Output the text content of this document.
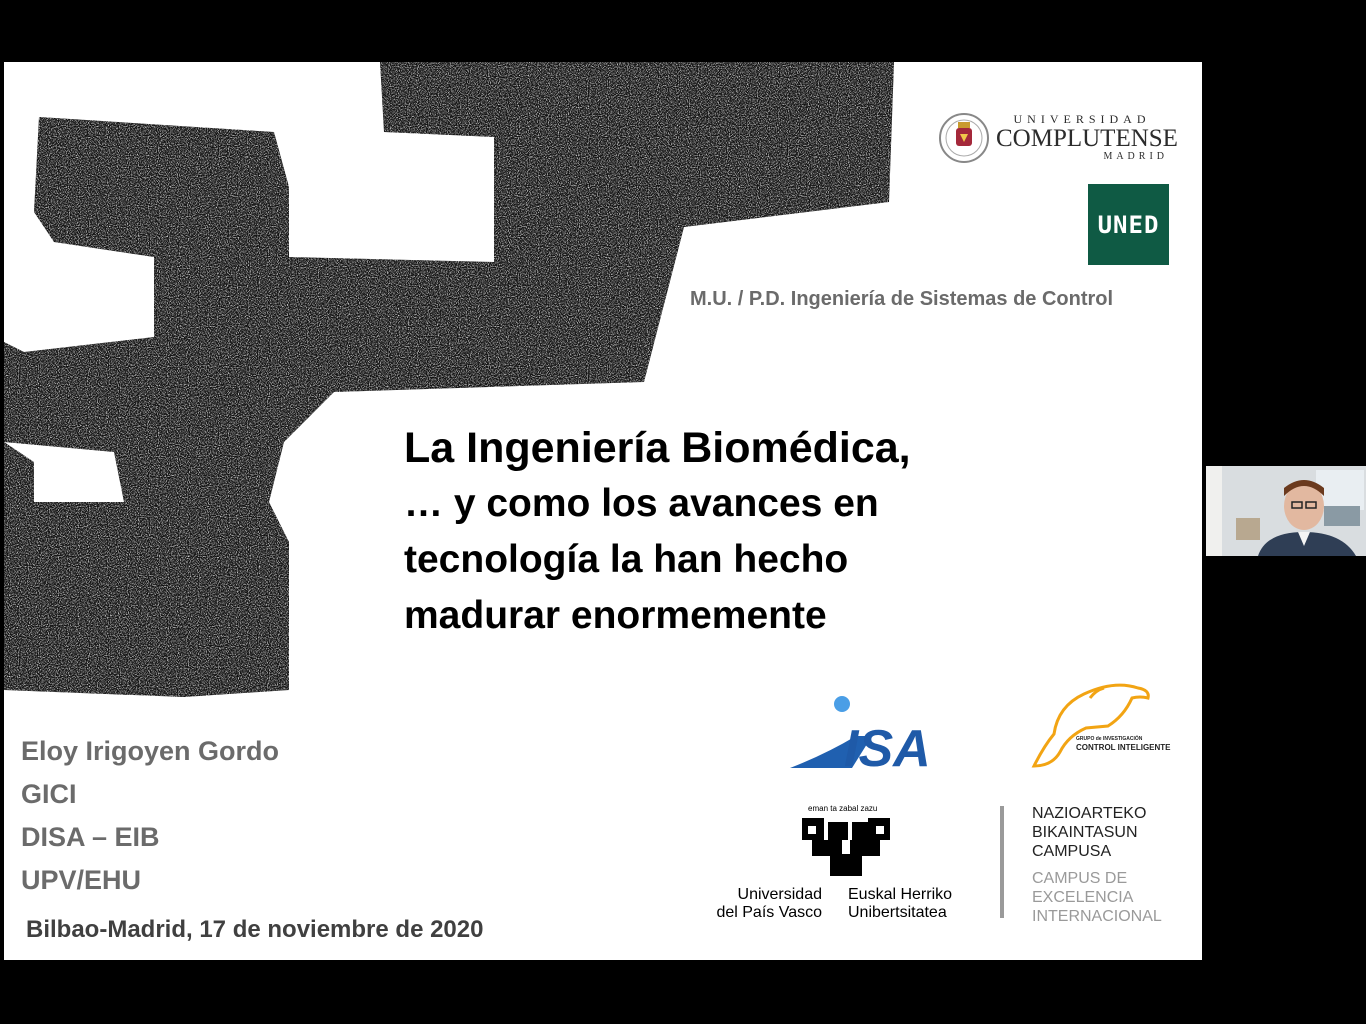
UNIVERSIDAD
COMPLUTENSE
MADRID
UNED
M.U. / P.D. Ingeniería de Sistemas de Control
La Ingeniería Biomédica,
… y como los avances en
tecnología la han hecho
madurar enormemente
Eloy Irigoyen Gordo
GICI
DISA – EIB
UPV/EHU
Bilbao-Madrid, 17 de noviembre de 2020
ISA	GRUPO de INVESTIGACIÓN
CONTROL INTELIGENTE
eman ta zabal zazu
Universidad
del País Vasco
Euskal Herriko
Unibertsitatea
NAZIOARTEKO
BIKAINTASUN
CAMPUSA
CAMPUS DE
EXCELENCIA
INTERNACIONAL
